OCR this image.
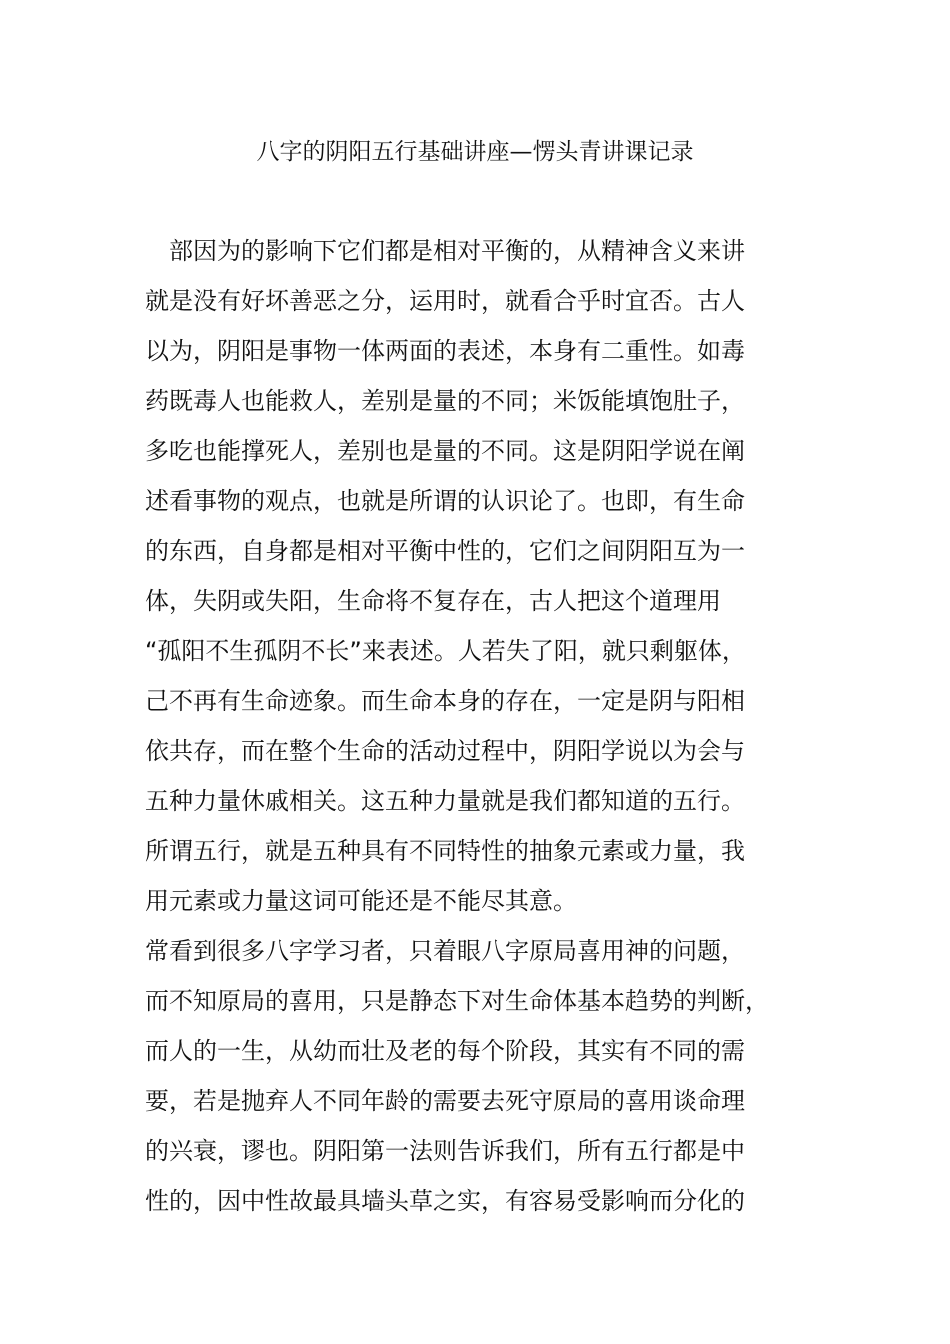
八字的阴阳五行基础讲座—愣头青讲课记录
　部因为的影响下它们都是相对平衡的，从精神含义来讲
就是没有好坏善恶之分，运用时，就看合乎时宜否。古人
以为，阴阳是事物一体两面的表述，本身有二重性。如毒
药既毒人也能救人，差别是量的不同；米饭能填饱肚子，
多吃也能撑死人，差别也是量的不同。这是阴阳学说在阐
述看事物的观点，也就是所谓的认识论了。也即，有生命
的东西，自身都是相对平衡中性的，它们之间阴阳互为一
体，失阴或失阳，生命将不复存在，古人把这个道理用
“孤阳不生孤阴不长”来表述。人若失了阳，就只剩躯体，
己不再有生命迹象。而生命本身的存在，一定是阴与阳相
依共存，而在整个生命的活动过程中，阴阳学说以为会与
五种力量休戚相关。这五种力量就是我们都知道的五行。
所谓五行，就是五种具有不同特性的抽象元素或力量，我
用元素或力量这词可能还是不能尽其意。
常看到很多八字学习者，只着眼八字原局喜用神的问题，
而不知原局的喜用，只是静态下对生命体基本趋势的判断，
而人的一生，从幼而壮及老的每个阶段，其实有不同的需
要，若是抛弃人不同年龄的需要去死守原局的喜用谈命理
的兴衰，谬也。阴阳第一法则告诉我们，所有五行都是中
性的，因中性故最具墙头草之实，有容易受影响而分化的
